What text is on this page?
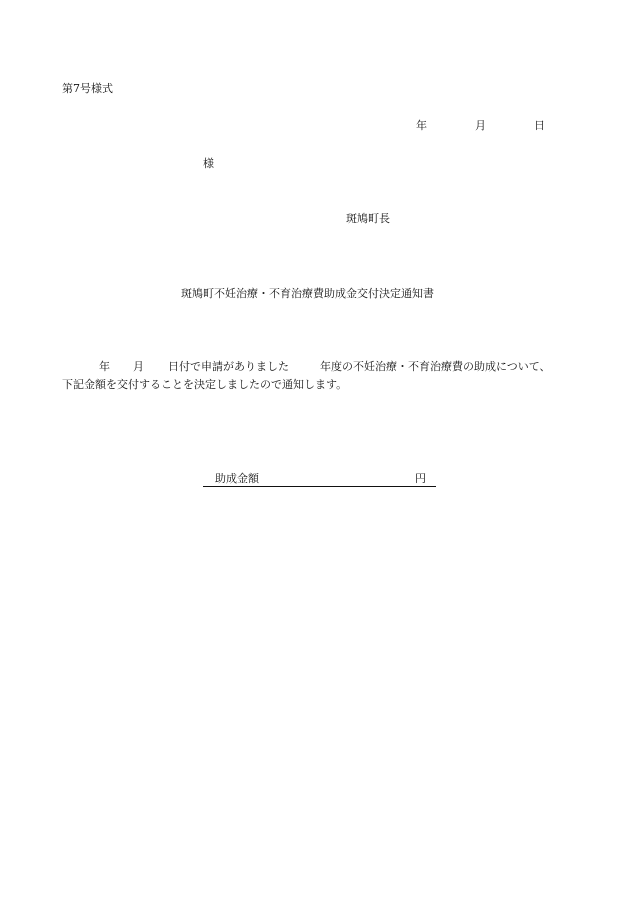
第7号様式
年	月	日
様
斑鳩町長
斑鳩町不妊治療・不育治療費助成金交付決定通知書
年 月 日付で申請がありました	年度の不妊治療・不育治療費の助成について、
下記金額を交付することを決定しましたので通知します。
助成金額	円
